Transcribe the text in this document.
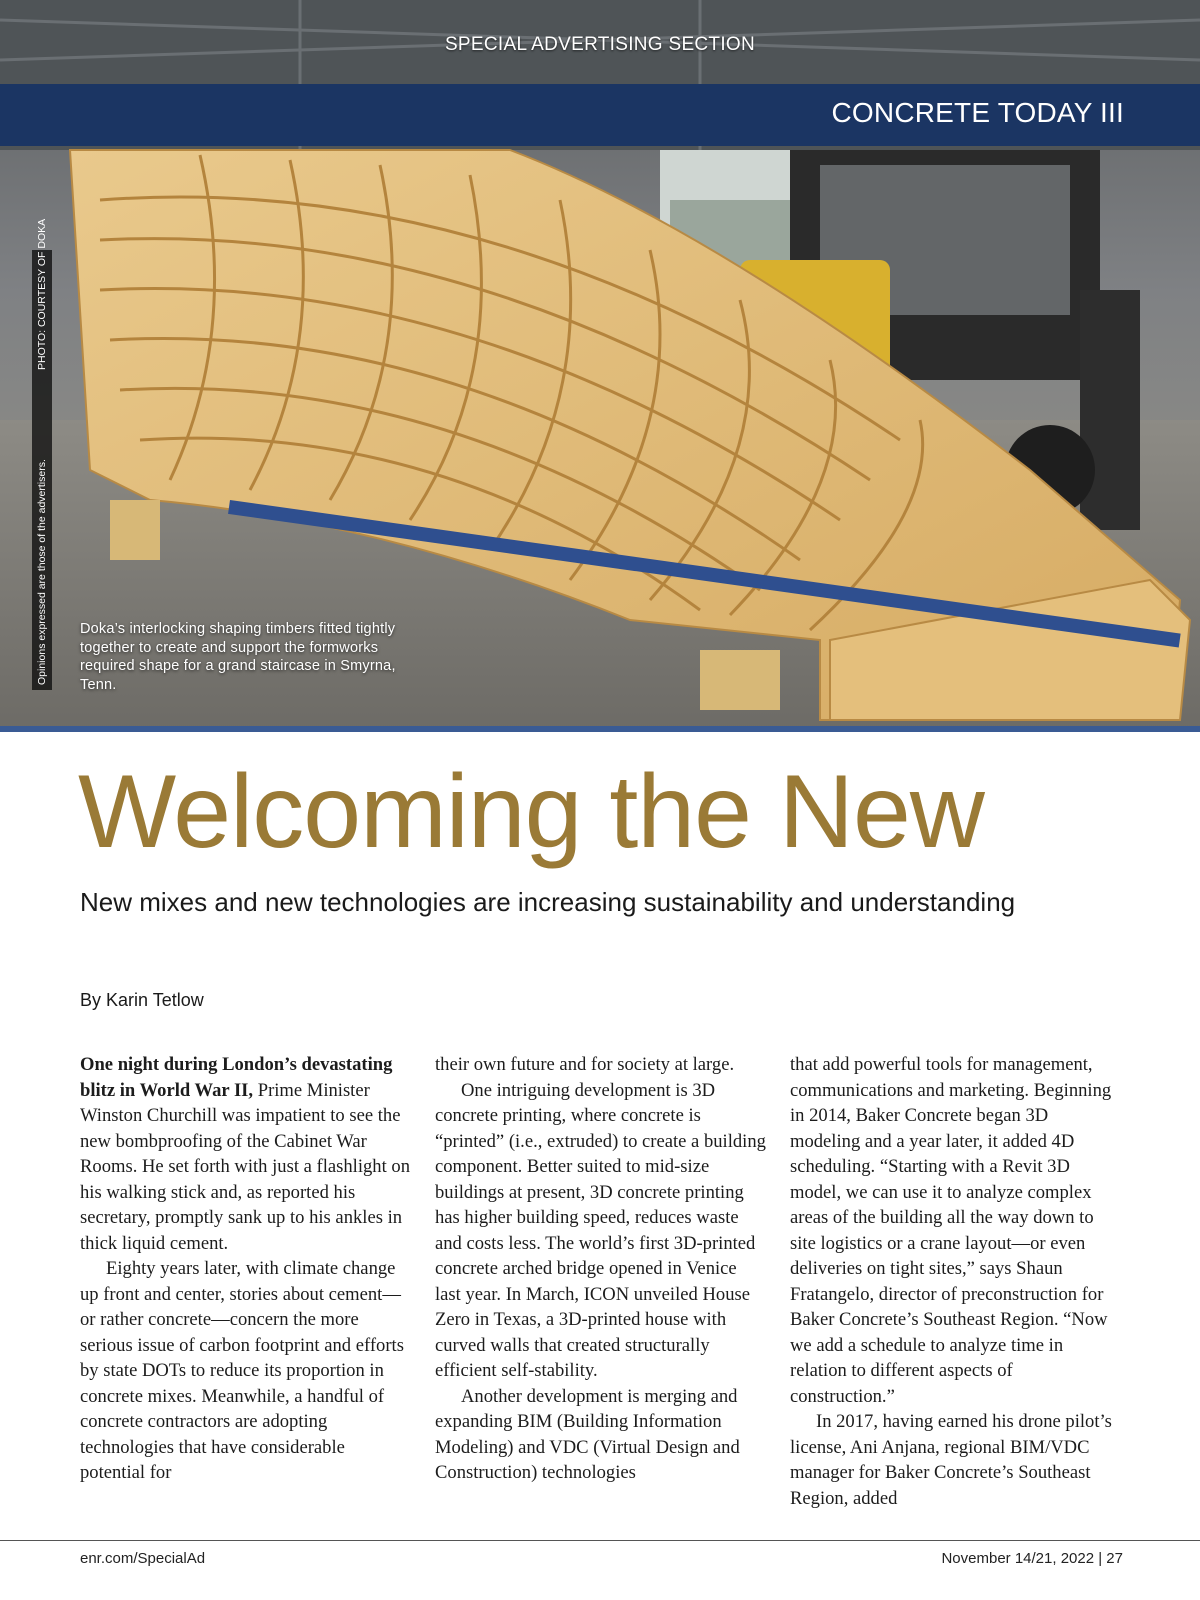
SPECIAL ADVERTISING SECTION
CONCRETE TODAY III
PHOTO: COURTESY OF DOKA
Opinions expressed are those of the advertisers. Doka’s interlocking shaping timbers fitted tightly together to create and support the formworks required shape for a grand staircase in Smyrna, Tenn.
Welcoming the New
New mixes and new technologies are increasing sustainability and understanding
By Karin Tetlow

One night during London’s devastating blitz in World War II, Prime Minister Winston Churchill was impatient to see the new bombproofing of the Cabinet War Rooms. He set forth with just a flashlight on his walking stick and, as reported his secretary, promptly sank up to his ankles in thick liquid cement.

Eighty years later, with climate change up front and center, stories about cement—or rather concrete—concern the more serious issue of carbon footprint and efforts by state DOTs to reduce its proportion in concrete mixes. Meanwhile, a handful of concrete contractors are adopting technologies that have considerable potential for

their own future and for society at large.

One intriguing development is 3D concrete printing, where concrete is “printed” (i.e., extruded) to create a building component. Better suited to mid-size buildings at present, 3D concrete printing has higher building speed, reduces waste and costs less. The world’s first 3D-printed concrete arched bridge opened in Venice last year. In March, ICON unveiled House Zero in Texas, a 3D-printed house with curved walls that created structurally efficient self-stability.

Another development is merging and expanding BIM (Building Information Modeling) and VDC (Virtual Design and Construction) technologies

that add powerful tools for management, communications and marketing. Beginning in 2014, Baker Concrete began 3D modeling and a year later, it added 4D scheduling. “Starting with a Revit 3D model, we can use it to analyze complex areas of the building all the way down to site logistics or a crane layout—or even deliveries on tight sites,” says Shaun Fratangelo, director of preconstruction for Baker Concrete’s Southeast Region. “Now we add a schedule to analyze time in relation to different aspects of construction.”

In 2017, having earned his drone pilot’s license, Ani Anjana, regional BIM/VDC manager for Baker Concrete’s Southeast Region, added

enr.com/SpecialAd	November 14/21, 2022 | 27
